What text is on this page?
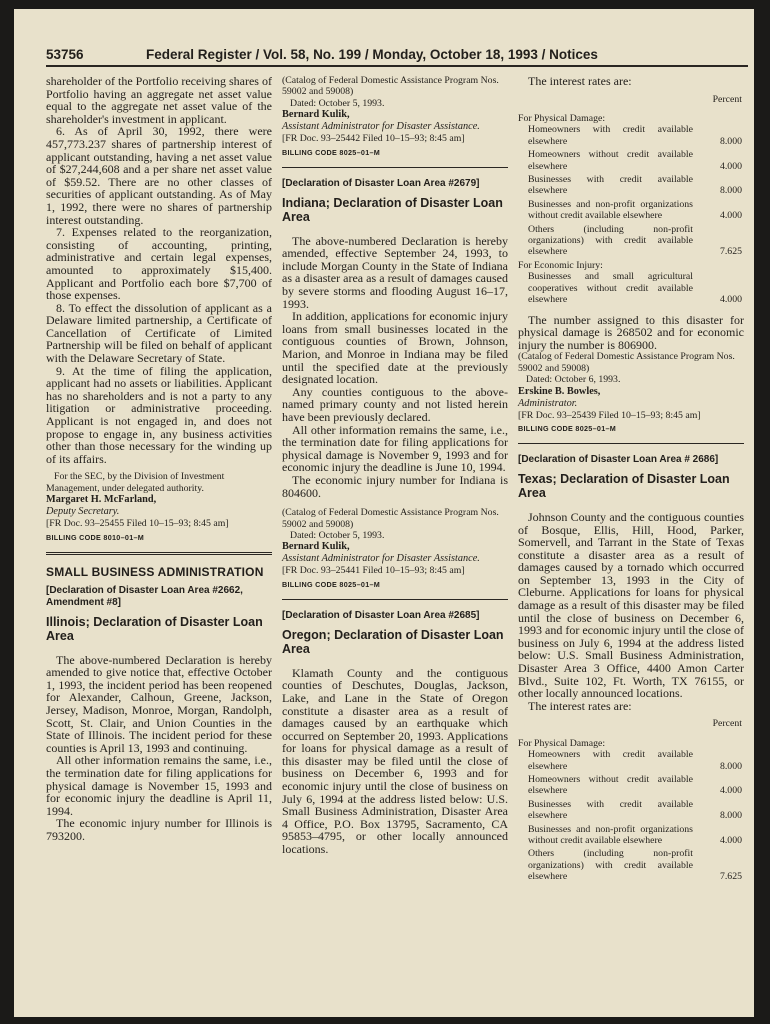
53756	Federal Register / Vol. 58, No. 199 / Monday, October 18, 1993 / Notices

shareholder of the Portfolio receiving shares of Portfolio having an aggregate net asset value equal to the aggregate net asset value of the shareholder's investment in applicant.

6. As of April 30, 1992, there were 457,773.237 shares of partnership interest of applicant outstanding, having a net asset value of $27,244,608 and a per share net asset value of $59.52. There are no other classes of securities of applicant outstanding. As of May 1, 1992, there were no shares of partnership interest outstanding.

7. Expenses related to the reorganization, consisting of accounting, printing, administrative and certain legal expenses, amounted to approximately $15,400. Applicant and Portfolio each bore $7,700 of those expenses.

8. To effect the dissolution of applicant as a Delaware limited partnership, a Certificate of Cancellation of Certificate of Limited Partnership will be filed on behalf of applicant with the Delaware Secretary of State.

9. At the time of filing the application, applicant had no assets or liabilities. Applicant has no shareholders and is not a party to any litigation or administrative proceeding. Applicant is not engaged in, and does not propose to engage in, any business activities other than those necessary for the winding up of its affairs.

For the SEC, by the Division of Investment Management, under delegated authority.

Margaret H. McFarland,

Deputy Secretary.

[FR Doc. 93–25455 Filed 10–15–93; 8:45 am]

BILLING CODE 8010–01–M

SMALL BUSINESS ADMINISTRATION

[Declaration of Disaster Loan Area #2662, Amendment #8]

Illinois; Declaration of Disaster Loan Area

The above-numbered Declaration is hereby amended to give notice that, effective October 1, 1993, the incident period has been reopened for Alexander, Calhoun, Greene, Jackson, Jersey, Madison, Monroe, Morgan, Randolph, Scott, St. Clair, and Union Counties in the State of Illinois. The incident period for these counties is April 13, 1993 and continuing.

All other information remains the same, i.e., the termination date for filing applications for physical damage is November 15, 1993 and for economic injury the deadline is April 11, 1994.

The economic injury number for Illinois is 793200.

(Catalog of Federal Domestic Assistance Program Nos. 59002 and 59008)

Dated: October 5, 1993.

Bernard Kulik,

Assistant Administrator for Disaster Assistance.

[FR Doc. 93–25442 Filed 10–15–93; 8:45 am]

BILLING CODE 8025–01–M

[Declaration of Disaster Loan Area #2679]

Indiana; Declaration of Disaster Loan Area

The above-numbered Declaration is hereby amended, effective September 24, 1993, to include Morgan County in the State of Indiana as a disaster area as a result of damages caused by severe storms and flooding August 16–17, 1993.

In addition, applications for economic injury loans from small businesses located in the contiguous counties of Brown, Johnson, Marion, and Monroe in Indiana may be filed until the specified date at the previously designated location.

Any counties contiguous to the above-named primary county and not listed herein have been previously declared.

All other information remains the same, i.e., the termination date for filing applications for physical damage is November 9, 1993 and for economic injury the deadline is June 10, 1994.

The economic injury number for Indiana is 804600.

(Catalog of Federal Domestic Assistance Program Nos. 59002 and 59008)

Dated: October 5, 1993.

Bernard Kulik,

Assistant Administrator for Disaster Assistance.

[FR Doc. 93–25441 Filed 10–15–93; 8:45 am]

BILLING CODE 8025–01–M

[Declaration of Disaster Loan Area #2685]

Oregon; Declaration of Disaster Loan Area

Klamath County and the contiguous counties of Deschutes, Douglas, Jackson, Lake, and Lane in the State of Oregon constitute a disaster area as a result of damages caused by an earthquake which occurred on September 20, 1993. Applications for loans for physical damage as a result of this disaster may be filed until the close of business on December 6, 1993 and for economic injury until the close of business on July 6, 1994 at the address listed below: U.S. Small Business Administration, Disaster Area 4 Office, P.O. Box 13795, Sacramento, CA 95853–4795, or other locally announced locations.

The interest rates are:

Percent

For Physical Damage:

Homeowners with credit available elsewhere	8.000
Homeowners without credit available elsewhere	4.000
Businesses with credit available elsewhere	8.000
Businesses and non-profit organizations without credit available elsewhere	4.000
Others (including non-profit organizations) with credit available elsewhere	7.625

For Economic Injury:

Businesses and small agricultural cooperatives without credit available elsewhere	4.000

The number assigned to this disaster for physical damage is 268502 and for economic injury the number is 806900.

(Catalog of Federal Domestic Assistance Program Nos. 59002 and 59008)

Dated: October 6, 1993.

Erskine B. Bowles,

Administrator.

[FR Doc. 93–25439 Filed 10–15–93; 8:45 am]

BILLING CODE 8025–01–M

[Declaration of Disaster Loan Area # 2686]

Texas; Declaration of Disaster Loan Area

Johnson County and the contiguous counties of Bosque, Ellis, Hill, Hood, Parker, Somervell, and Tarrant in the State of Texas constitute a disaster area as a result of damages caused by a tornado which occurred on September 13, 1993 in the City of Cleburne. Applications for loans for physical damage as a result of this disaster may be filed until the close of business on December 6, 1993 and for economic injury until the close of business on July 6, 1994 at the address listed below: U.S. Small Business Administration, Disaster Area 3 Office, 4400 Amon Carter Blvd., Suite 102, Ft. Worth, TX 76155, or other locally announced locations.

The interest rates are:

Percent

For Physical Damage:

Homeowners with credit available elsewhere	8.000
Homeowners without credit available elsewhere	4.000
Businesses with credit available elsewhere	8.000
Businesses and non-profit organizations without credit available elsewhere	4.000
Others (including non-profit organizations) with credit available elsewhere	7.625
